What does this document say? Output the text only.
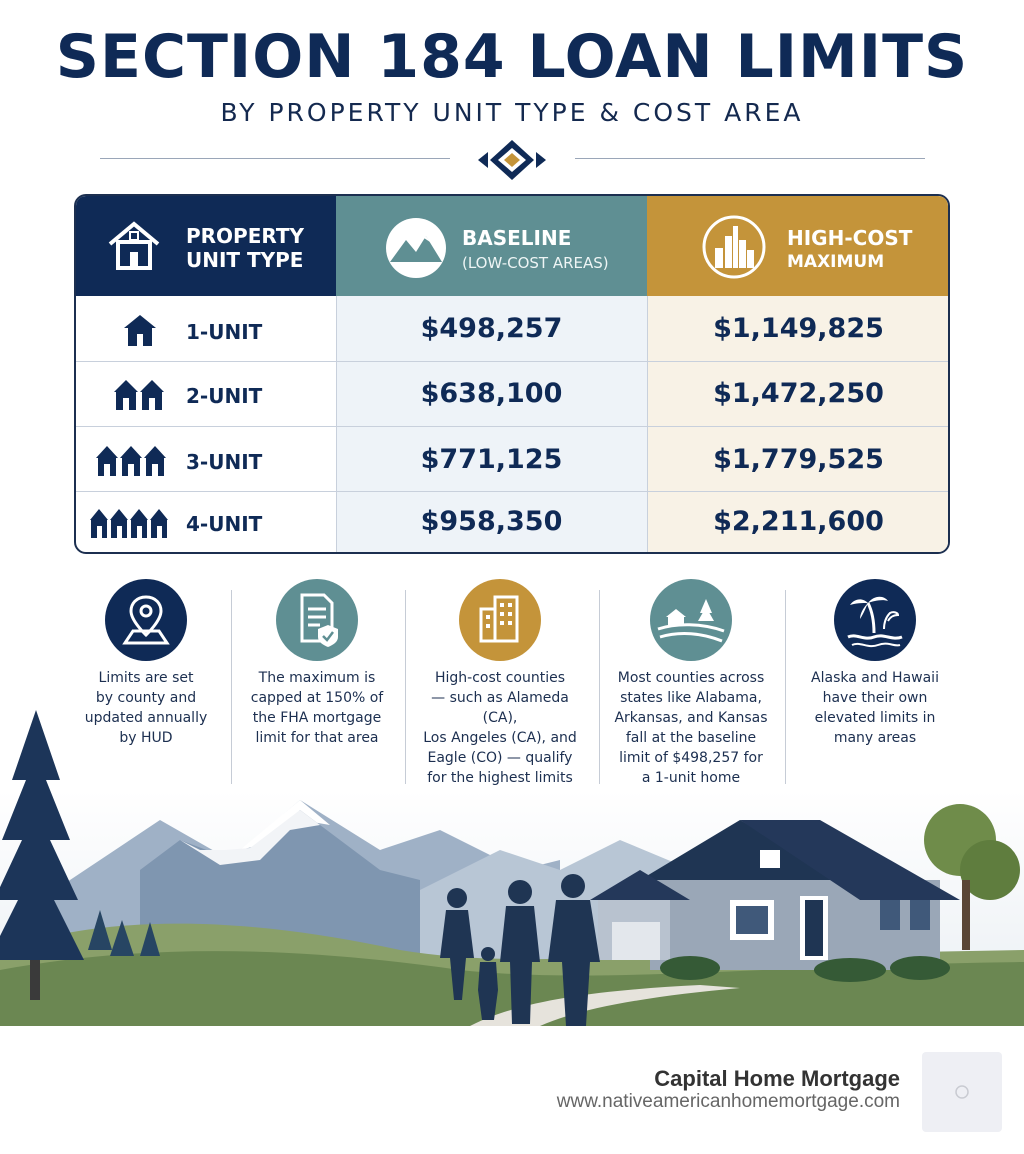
SECTION 184 LOAN LIMITS
BY PROPERTY UNIT TYPE & COST AREA
PROPERTY
UNIT TYPE
BASELINE
(LOW-COST AREAS)
HIGH-COST
MAXIMUM
1-UNIT	$498,257	$1,149,825
2-UNIT	$638,100	$1,472,250
3-UNIT	$771,125	$1,779,525
4-UNIT	$958,350	$2,211,600
Limits are set
by county and
updated annually
by HUD
The maximum is
capped at 150% of
the FHA mortgage
limit for that area
High-cost counties
— such as Alameda (CA),
Los Angeles (CA), and
Eagle (CO) — qualify
for the highest limits
Most counties across
states like Alabama,
Arkansas, and Kansas
fall at the baseline
limit of $498,257 for
a 1-unit home
Alaska and Hawaii
have their own
elevated limits in
many areas
Capital Home Mortgage
www.nativeamericanhomemortgage.com
